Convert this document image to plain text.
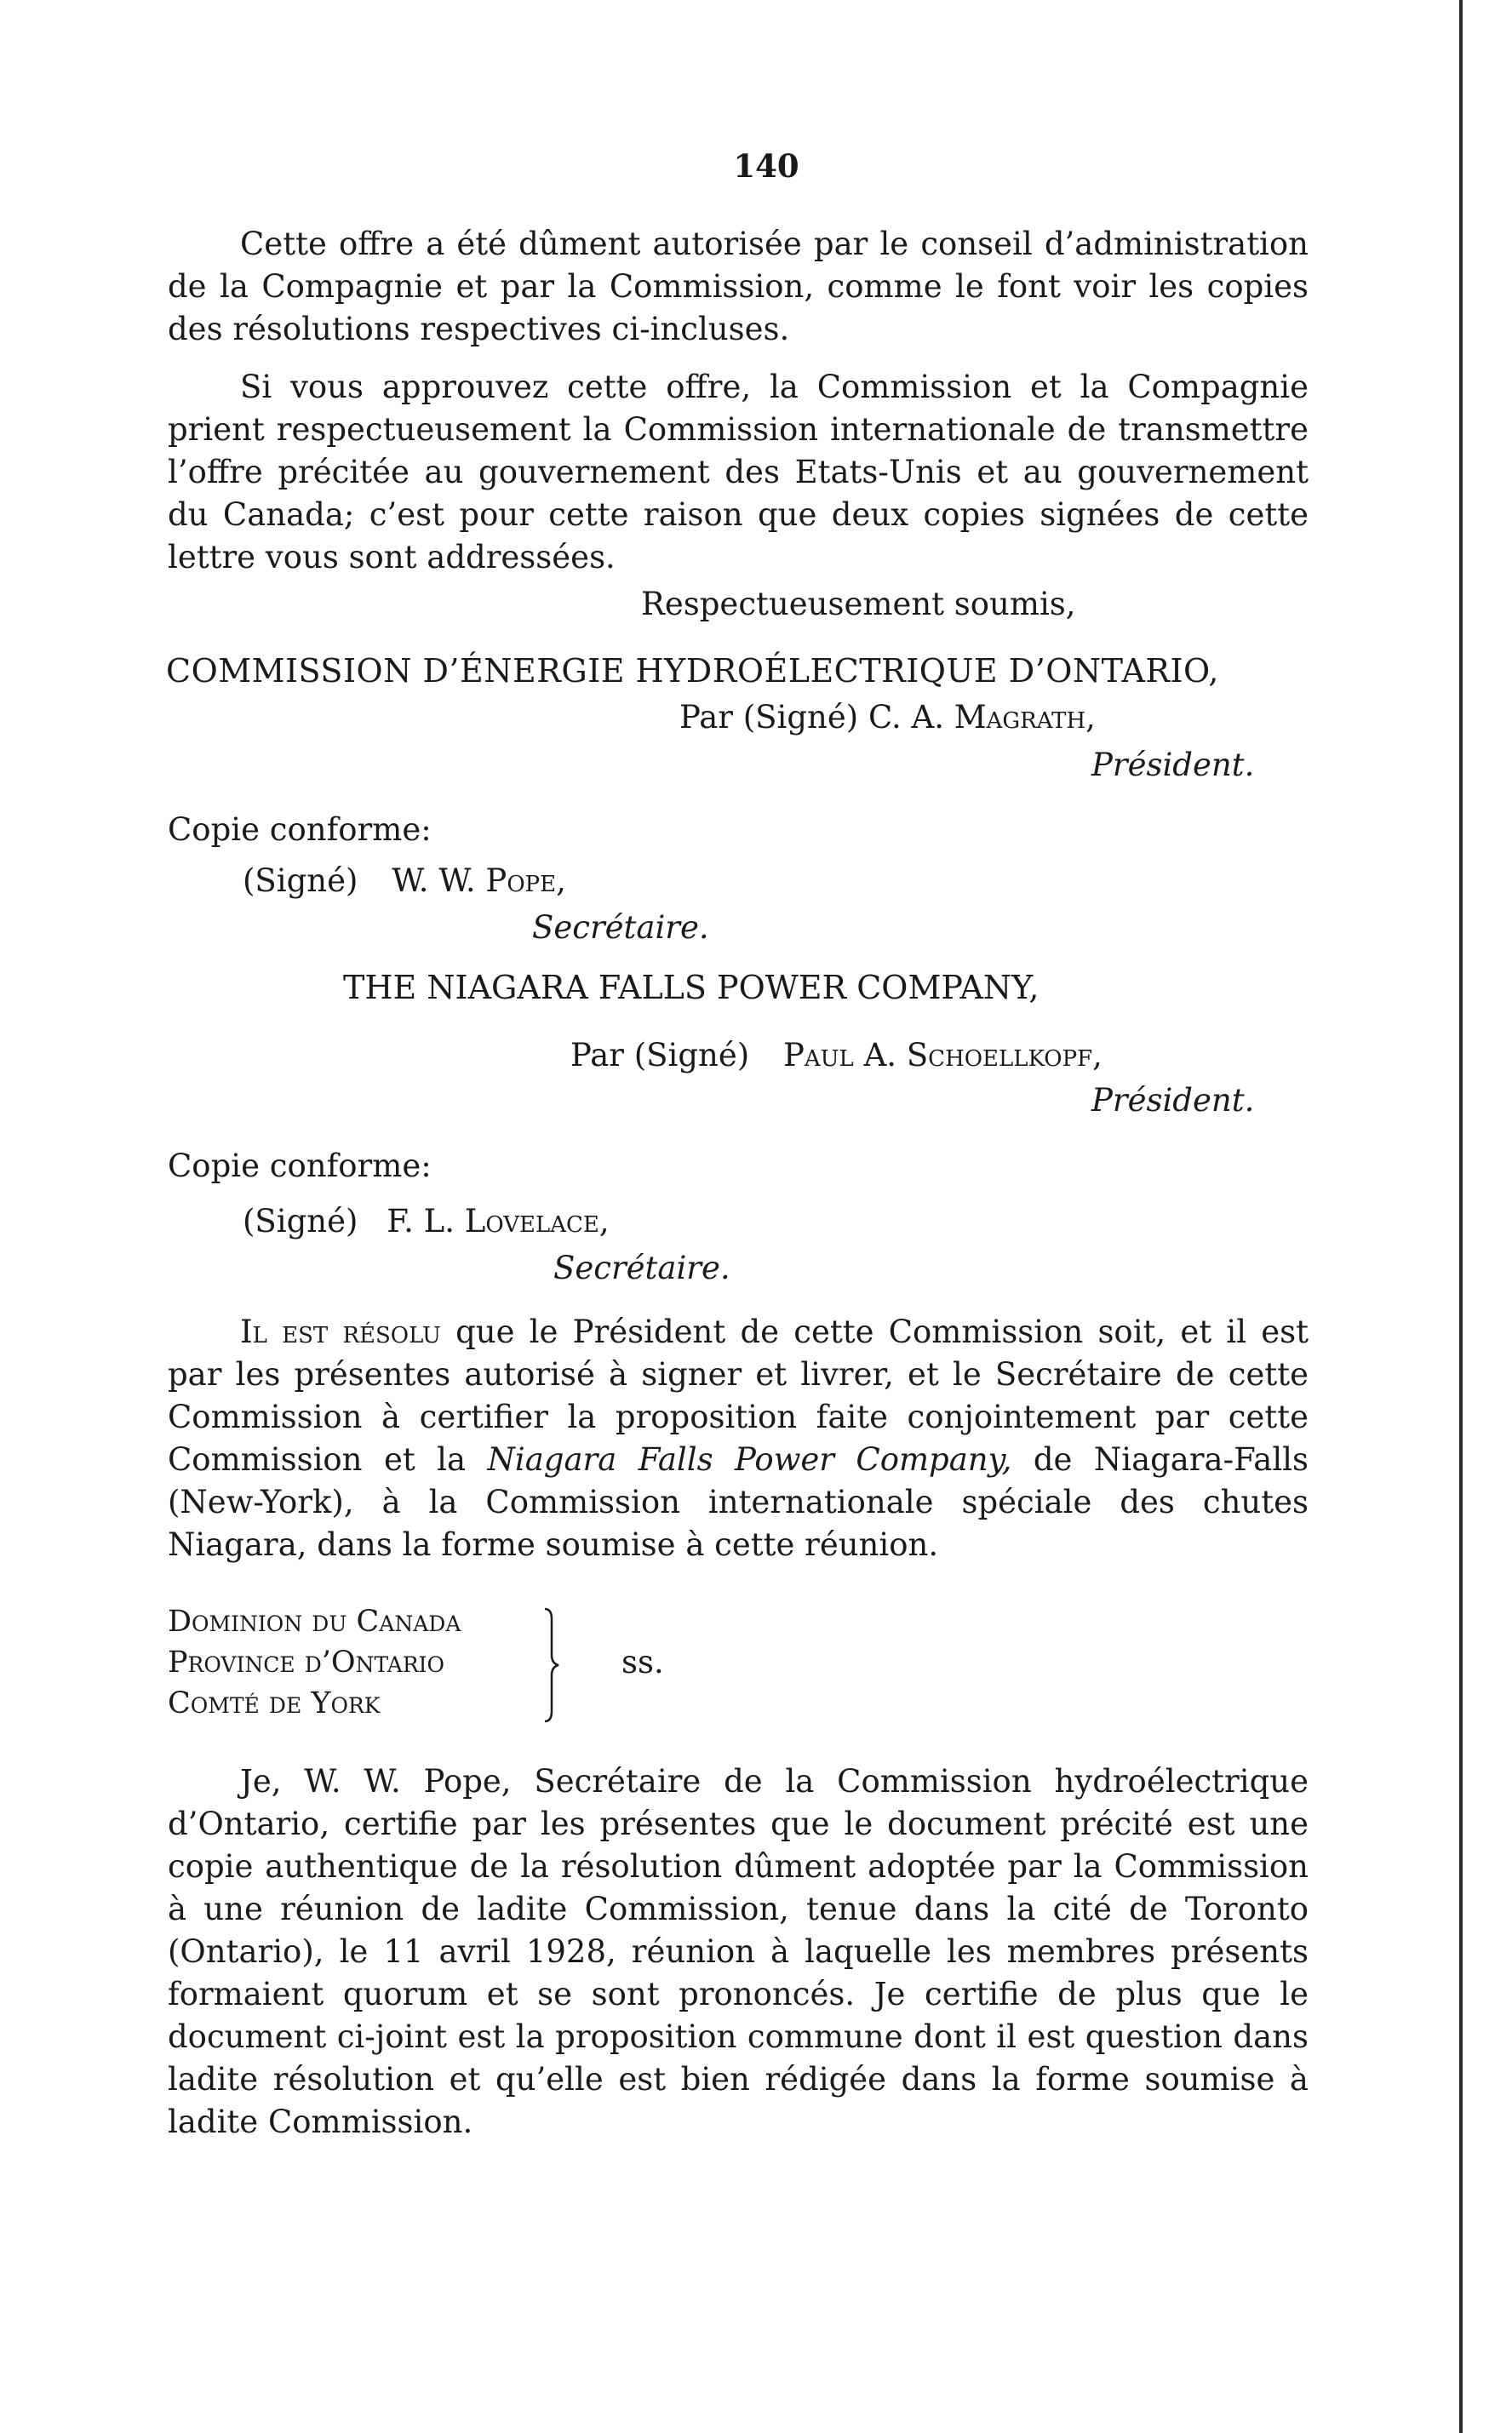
140
Cette offre a été dûment autorisée par le conseil d’administration de la Compagnie et par la Commission, comme le font voir les copies des résolutions respectives ci-incluses.
Si vous approuvez cette offre, la Commission et la Compagnie prient respectueusement la Commission internationale de transmettre l’offre précitée au gouvernement des Etats-Unis et au gouvernement du Canada; c’est pour cette raison que deux copies signées de cette lettre vous sont addressées.
Respectueusement soumis,
COMMISSION D’ÉNERGIE HYDROÉLECTRIQUE D’ONTARIO,
Par (Signé) C. A. Magrath,
Président.
Copie conforme:
(Signé) W. W. Pope,
Secrétaire.
THE NIAGARA FALLS POWER COMPANY,
Par (Signé) Paul A. Schoellkopf,
Président.
Copie conforme:
(Signé) F. L. Lovelace,
Secrétaire.
Il est résolu que le Président de cette Commission soit, et il est par les présentes autorisé à signer et livrer, et le Secrétaire de cette Commission à certifier la proposition faite conjointement par cette Commission et la Niagara Falls Power Company, de Niagara-Falls (New-York), à la Commission internationale spéciale des chutes Niagara, dans la forme soumise à cette réunion.
Dominion du Canada
Province d’Ontario
Comté de York
ss.
Je, W. W. Pope, Secrétaire de la Commission hydroélectrique d’Ontario, certifie par les présentes que le document précité est une copie authentique de la résolution dûment adoptée par la Commission à une réunion de ladite Commission, tenue dans la cité de Toronto (Ontario), le 11 avril 1928, réunion à laquelle les membres présents formaient quorum et se sont prononcés. Je certifie de plus que le document ci-joint est la proposition commune dont il est question dans ladite résolution et qu’elle est bien rédigée dans la forme soumise à ladite Commission.
